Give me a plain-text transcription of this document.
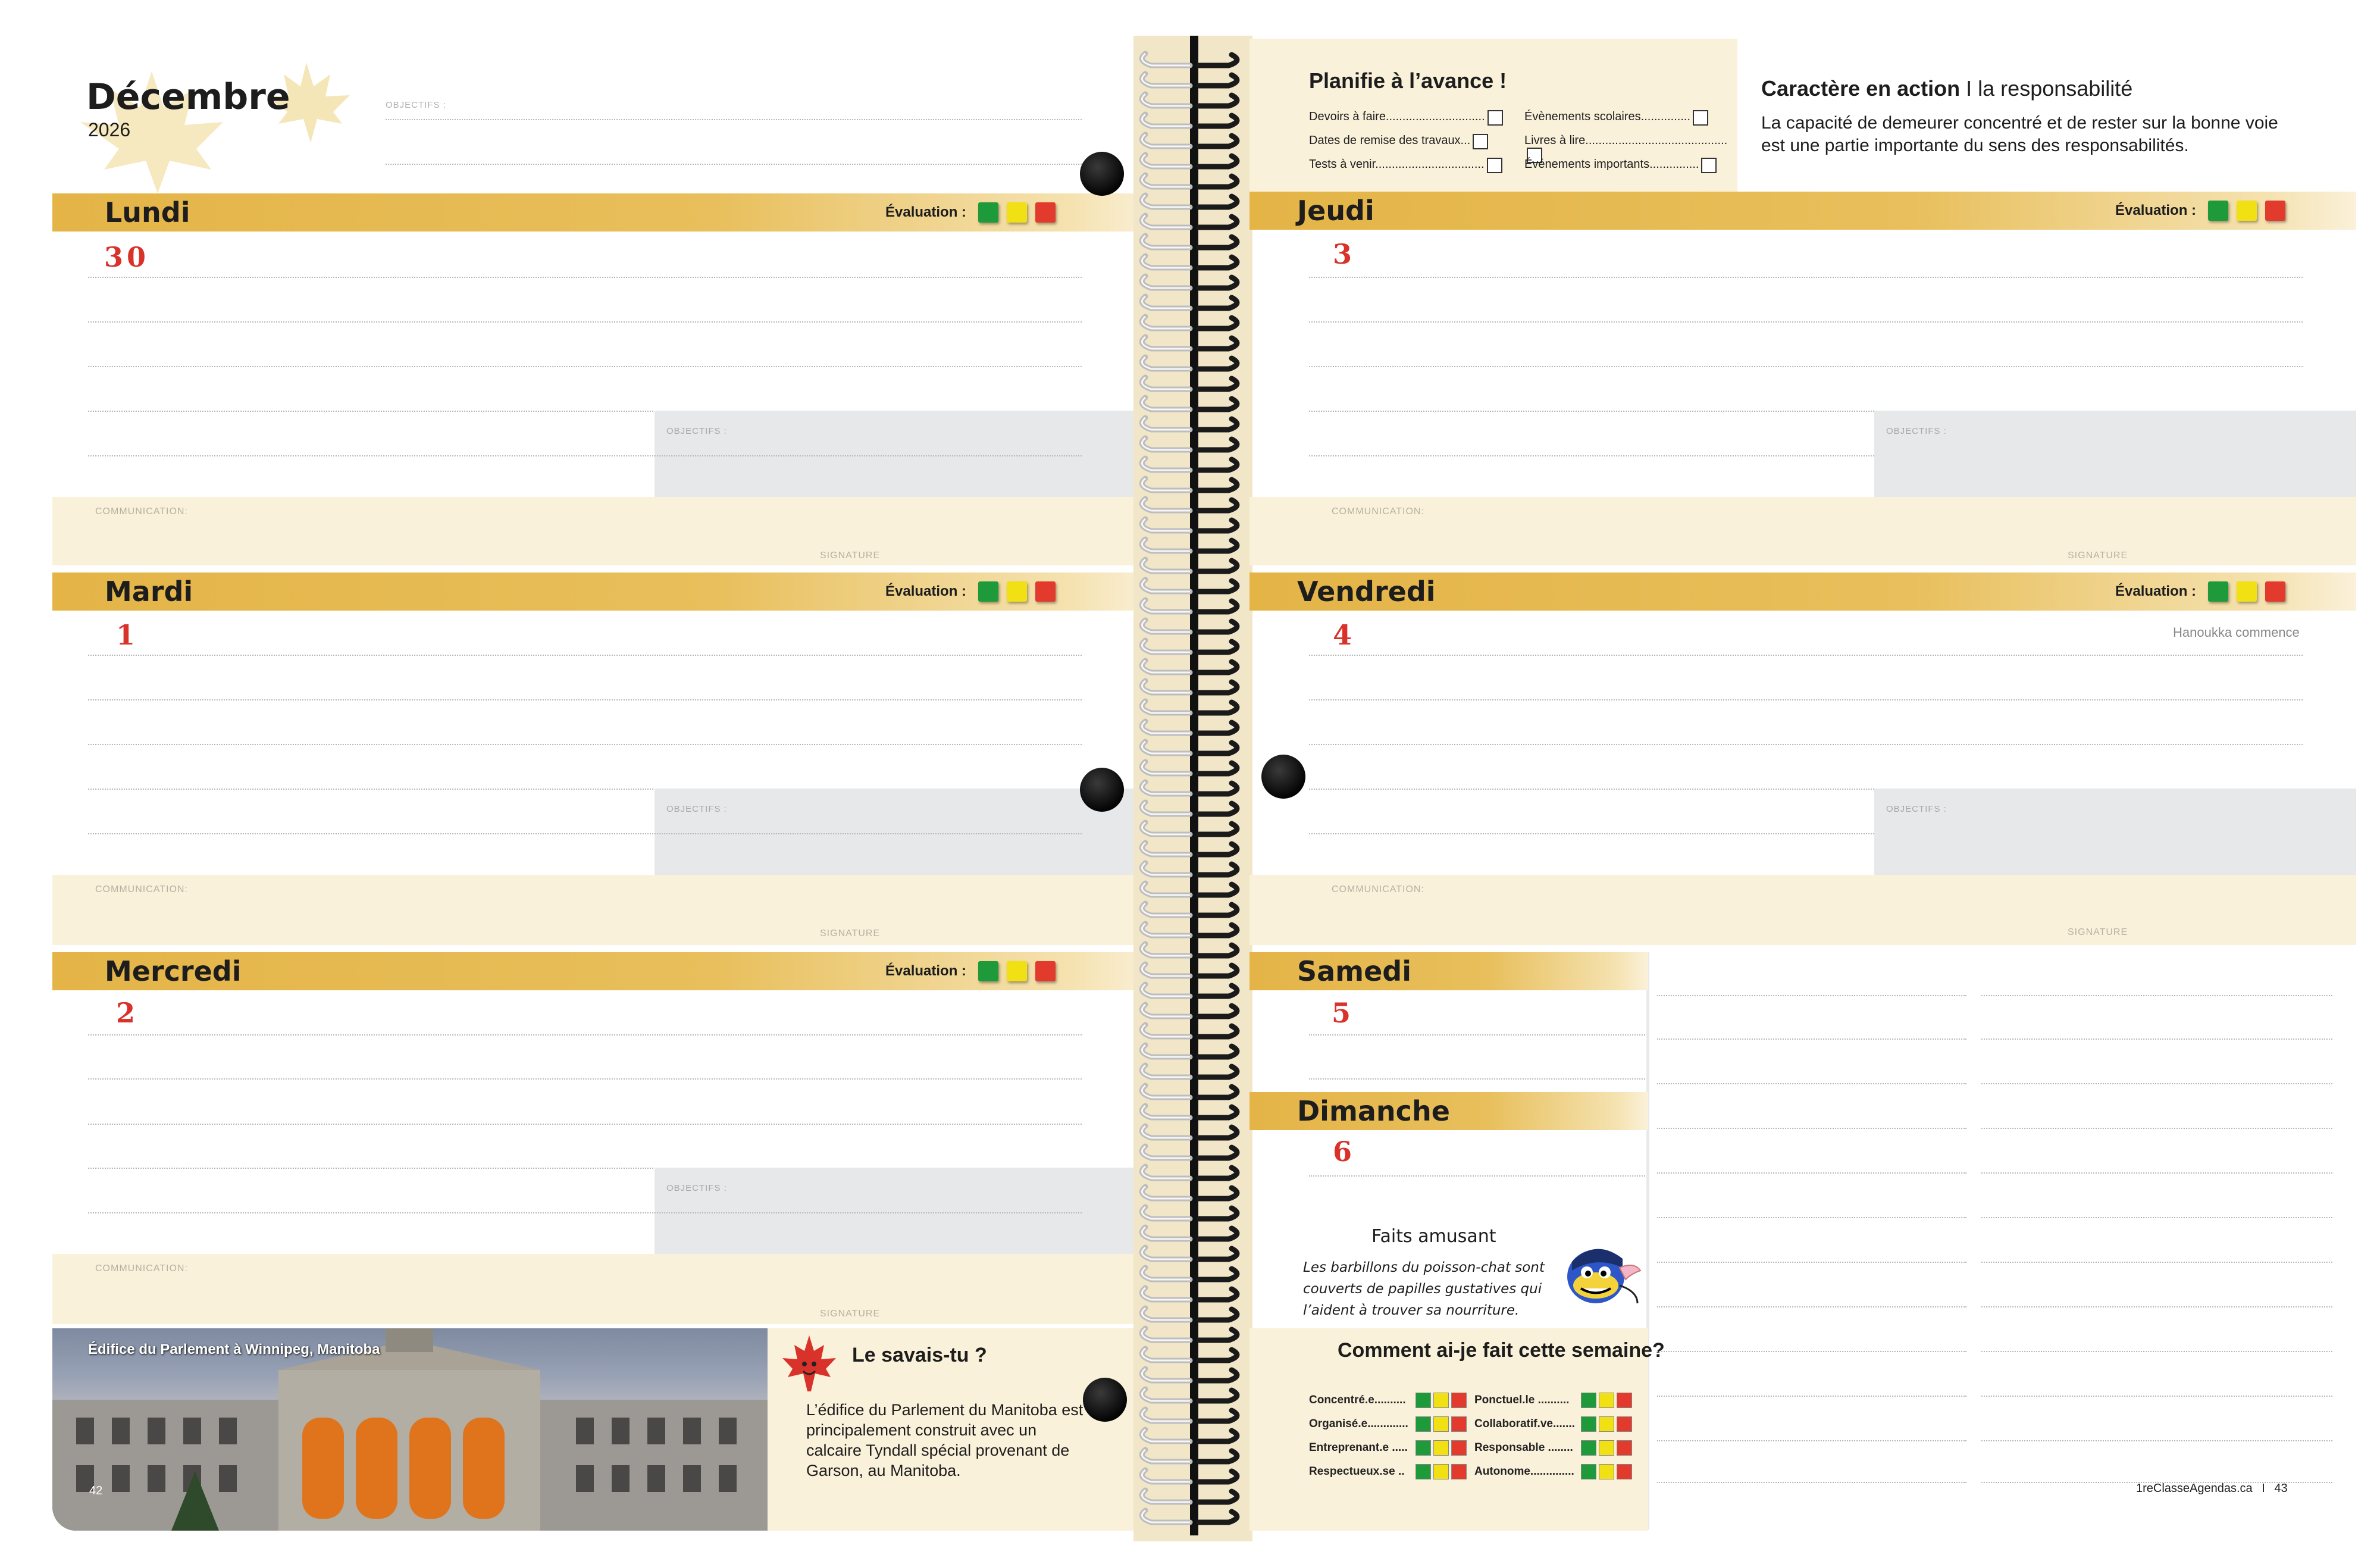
Décembre
2026
OBJECTIFS :
Lundi	Évaluation :
30
OBJECTIFS :
COMMUNICATION:
SIGNATURE
Mardi	Évaluation :
1
OBJECTIFS :
COMMUNICATION:
SIGNATURE
Mercredi	Évaluation :
2
OBJECTIFS :
COMMUNICATION:
SIGNATURE
Édifice du Parlement à Winnipeg, Manitoba
42
Le savais-tu ?
L’édifice du Parlement du Manitoba est principalement construit avec un calcaire Tyndall spécial provenant de Garson, au Manitoba.
Planifie à l’avance !
Devoirs à faire..............................	Évènements scolaires...............
Dates de remise des travaux...	Livres à lire...........................................
Tests à venir.................................	Événements importants...............
Caractère en action I la responsabilité
La capacité de demeurer concentré et de rester sur la bonne voie est une partie importante du sens des responsabilités.
Jeudi	Évaluation :
3
OBJECTIFS :
COMMUNICATION:
SIGNATURE
Vendredi	Évaluation :
4	Hanoukka commence
OBJECTIFS :
COMMUNICATION:
SIGNATURE
Samedi
5
Dimanche
6
Faits amusant
Les barbillons du poisson-chat sont couverts de papilles gustatives qui l’aident à trouver sa nourriture.
Comment ai-je fait cette semaine?
Concentré.e..........	Ponctuel.le ..........
Organisé.e.............	Collaboratif.ve.......
Entreprenant.e .....	Responsable ........
Respectueux.se ..	Autonome..............
1reClasseAgendas.ca I 43
